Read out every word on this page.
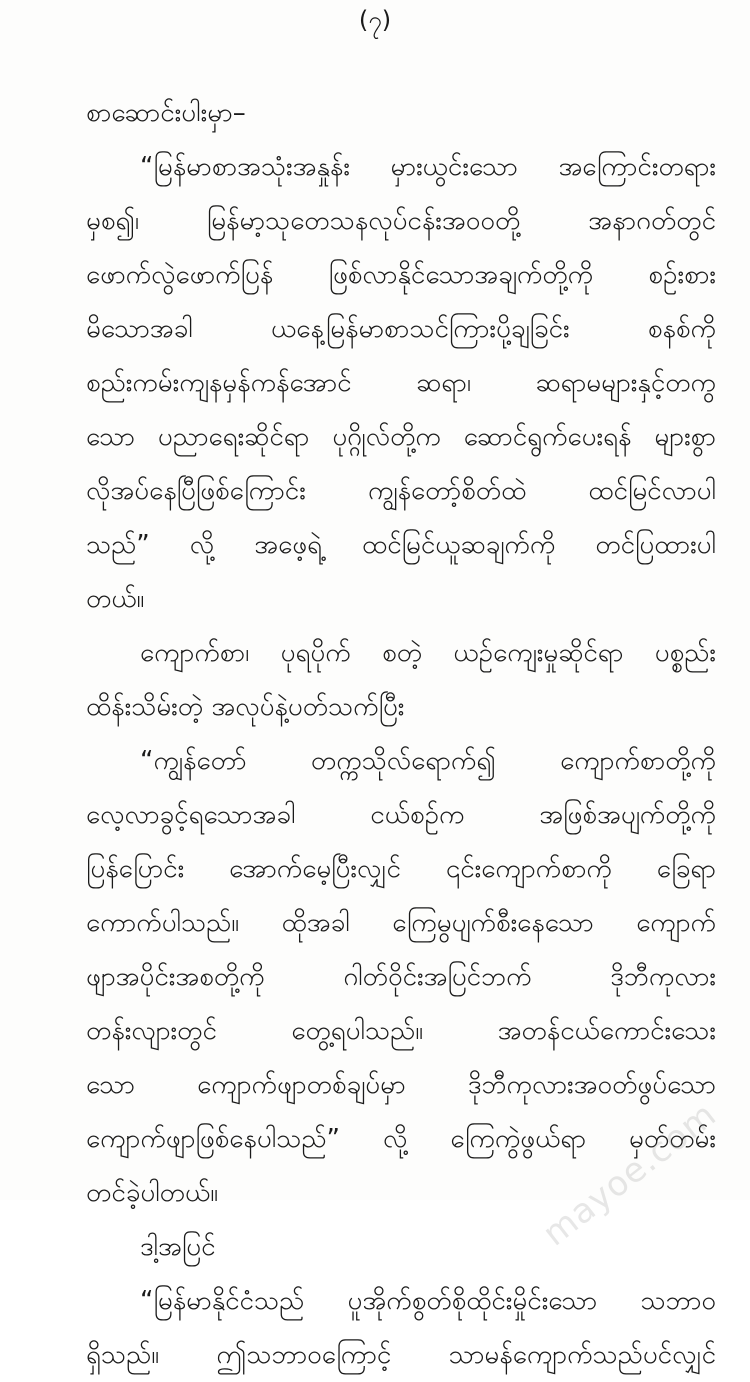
(၇)
စာဆောင်းပါးမှာ–
“မြန်မာစာအသုံးအနှုန်း မှားယွင်းသော အကြောင်းတရား
မှစ၍၊ မြန်မာ့သုတေသနလုပ်ငန်းအဝဝတို့ အနာဂတ်တွင်
ဖောက်လွဲဖောက်ပြန် ဖြစ်လာနိုင်သောအချက်တို့ကို စဉ်းစား
မိသောအခါ ယနေ့မြန်မာစာသင်ကြားပို့ချခြင်း စနစ်ကို
စည်းကမ်းကျနမှန်ကန်အောင် ဆရာ၊ ဆရာမများနှင့်တကွ
သော ပညာရေးဆိုင်ရာ ပုဂ္ဂိုလ်တို့က ဆောင်ရွက်ပေးရန် များစွာ
လိုအပ်နေပြီဖြစ်ကြောင်း ကျွန်တော့်စိတ်ထဲ ထင်မြင်လာပါ
သည်” လို့ အဖေ့ရဲ့ ထင်မြင်ယူဆချက်ကို တင်ပြထားပါ
တယ်။
ကျောက်စာ၊ ပုရပိုက် စတဲ့ ယဉ်ကျေးမှုဆိုင်ရာ ပစ္စည်း
ထိန်းသိမ်းတဲ့ အလုပ်နဲ့ပတ်သက်ပြီး
“ကျွန်တော် တက္ကသိုလ်ရောက်၍ ကျောက်စာတို့ကို
လေ့လာခွင့်ရသောအခါ ငယ်စဉ်က အဖြစ်အပျက်တို့ကို
ပြန်ပြောင်း အောက်မေ့ပြီးလျှင် ၎င်းကျောက်စာကို ခြေရာ
ကောက်ပါသည်။ ထိုအခါ ကြေမွပျက်စီးနေသော ကျောက်
ဖျာအပိုင်းအစတို့ကို ဂါတ်ဝိုင်းအပြင်ဘက် ဒိုဘီကုလား
တန်းလျားတွင် တွေ့ရပါသည်။ အတန်ငယ်ကောင်းသေး
သော ကျောက်ဖျာတစ်ချပ်မှာ ဒိုဘီကုလားအဝတ်ဖွပ်သော
ကျောက်ဖျာဖြစ်နေပါသည်” လို့ ကြေကွဲဖွယ်ရာ မှတ်တမ်း
တင်ခဲ့ပါတယ်။
ဒါ့အပြင်
“မြန်မာနိုင်ငံသည် ပူအိုက်စွတ်စိုထိုင်းမှိုင်းသော သဘာဝ
ရှိသည်။ ဤသဘာဝကြောင့် သာမန်ကျောက်သည်ပင်လျှင်
mayoe.com
